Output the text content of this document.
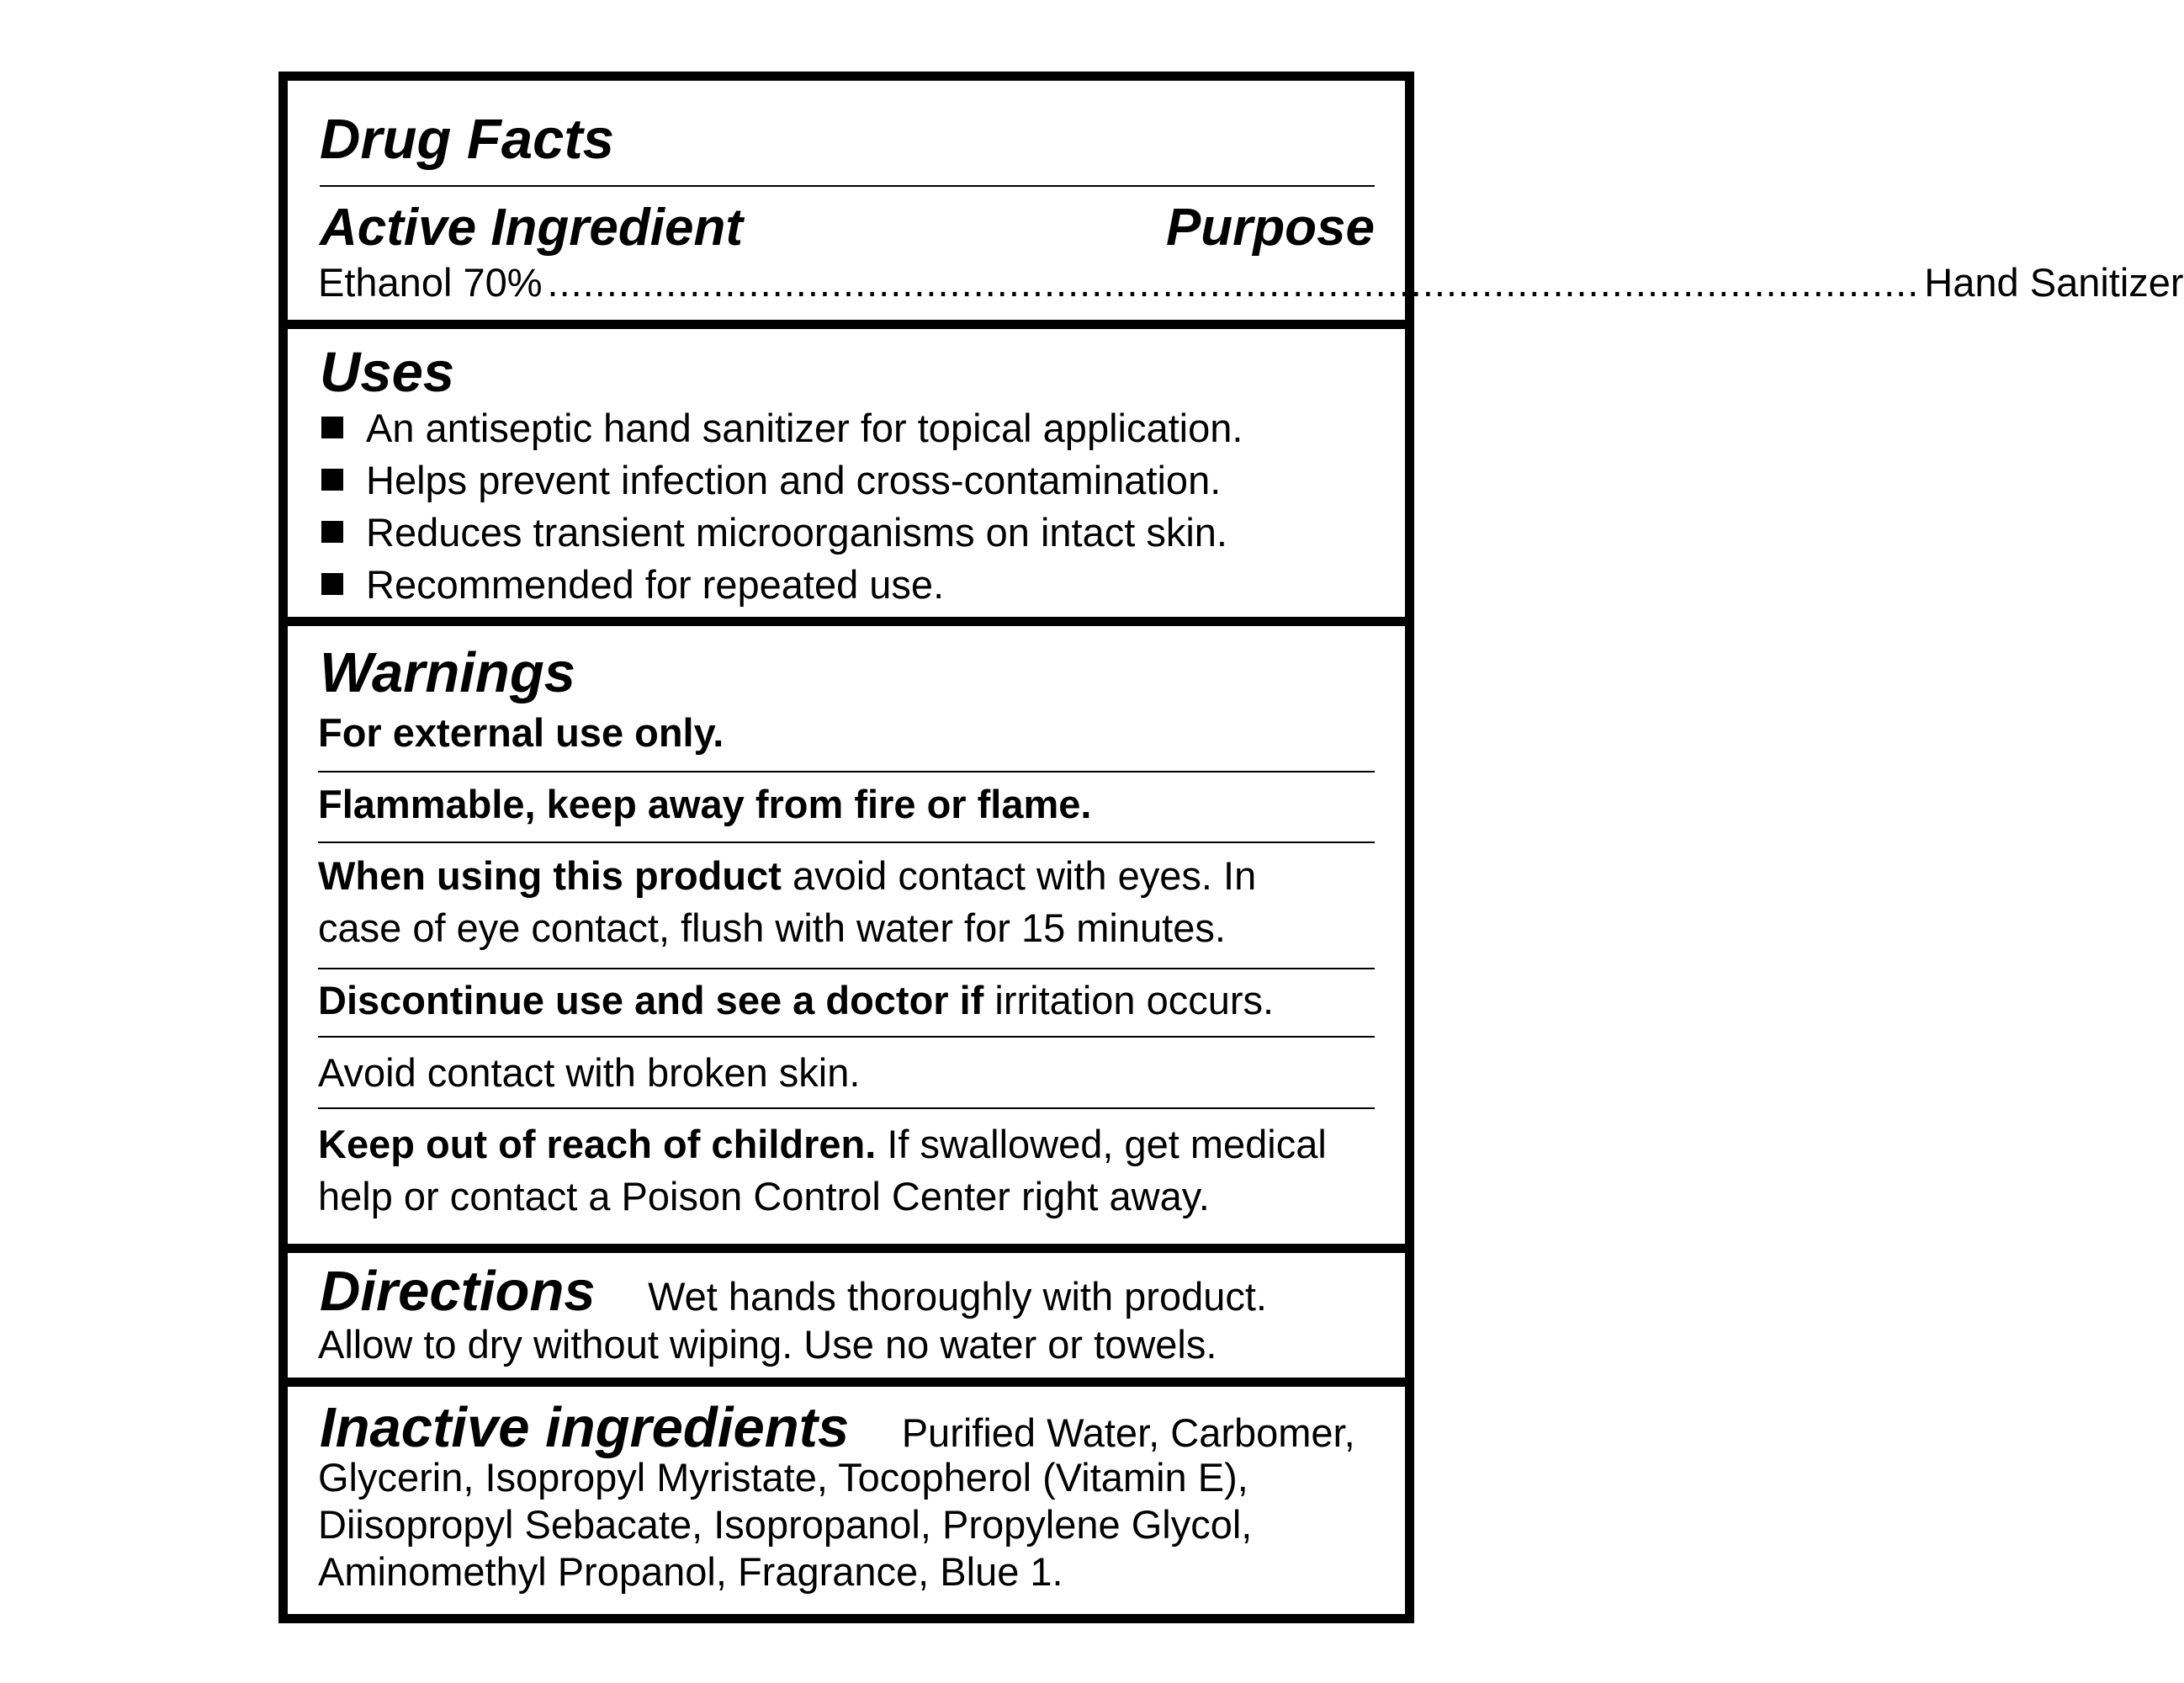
Drug Facts
Active Ingredient	Purpose
Ethanol 70% .................................................................................................................... Hand Sanitizer
Uses
An antiseptic hand sanitizer for topical application.
Helps prevent infection and cross-contamination.
Reduces transient microorganisms on intact skin.
Recommended for repeated use.
Warnings
For external use only.
Flammable, keep away from fire or flame.
When using this product avoid contact with eyes. In
case of eye contact, flush with water for 15 minutes.
Discontinue use and see a doctor if irritation occurs.
Avoid contact with broken skin.
Keep out of reach of children. If swallowed, get medical
help or contact a Poison Control Center right away.
Directions Wet hands thoroughly with product.
Allow to dry without wiping. Use no water or towels.
Inactive ingredients Purified Water, Carbomer,
Glycerin, Isopropyl Myristate, Tocopherol (Vitamin E),
Diisopropyl Sebacate, Isopropanol, Propylene Glycol,
Aminomethyl Propanol, Fragrance, Blue 1.
